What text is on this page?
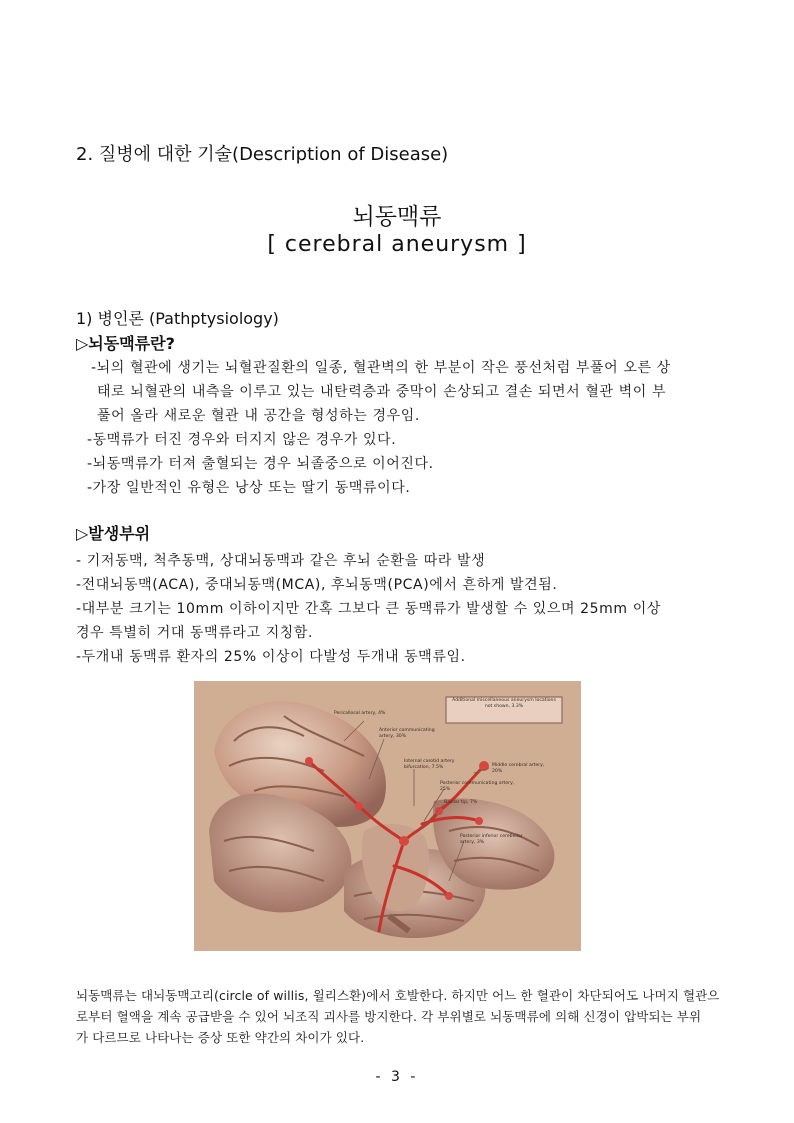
2. 질병에 대한 기술(Description of Disease)
뇌동맥류
[ cerebral aneurysm ]
1) 병인론 (Pathptysiology)
▷뇌동맥류란?
-뇌의 혈관에 생기는 뇌혈관질환의 일종, 혈관벽의 한 부분이 작은 풍선처럼 부풀어 오른 상
태로 뇌혈관의 내측을 이루고 있는 내탄력층과 중막이 손상되고 결손 되면서 혈관 벽이 부
풀어 올라 새로운 혈관 내 공간을 형성하는 경우임.
-동맥류가 터진 경우와 터지지 않은 경우가 있다.
-뇌동맥류가 터져 출혈되는 경우 뇌졸중으로 이어진다.
-가장 일반적인 유형은 낭상 또는 딸기 동맥류이다.
▷발생부위
- 기저동맥, 척추동맥, 상대뇌동맥과 같은 후뇌 순환을 따라 발생
-전대뇌동맥(ACA), 중대뇌동맥(MCA), 후뇌동맥(PCA)에서 흔하게 발견됨.
-대부분 크기는 10mm 이하이지만 간혹 그보다 큰 동맥류가 발생할 수 있으며 25mm 이상
경우 특별히 거대 동맥류라고 지칭함.
-두개내 동맥류 환자의 25% 이상이 다발성 두개내 동맥류임.
Additional miscellaneous aneurysm locations not shown, 3.3%
Pericallosal artery, 4%
Anterior communicating artery, 30%
Internal carotid artery bifurcation, 7.5%	Middle cerebral artery, 20%
Posterior communicating artery, 25%
Basilar tip, 7%
Posterior inferior cerebellar artery, 3%
뇌동맥류는 대뇌동맥고리(circle of willis, 윌리스환)에서 호발한다. 하지만 어느 한 혈관이 차단되어도 나머지 혈관으
로부터 혈액을 계속 공급받을 수 있어 뇌조직 괴사를 방지한다. 각 부위별로 뇌동맥류에 의해 신경이 압박되는 부위
가 다르므로 나타나는 증상 또한 약간의 차이가 있다.
- 3 -
